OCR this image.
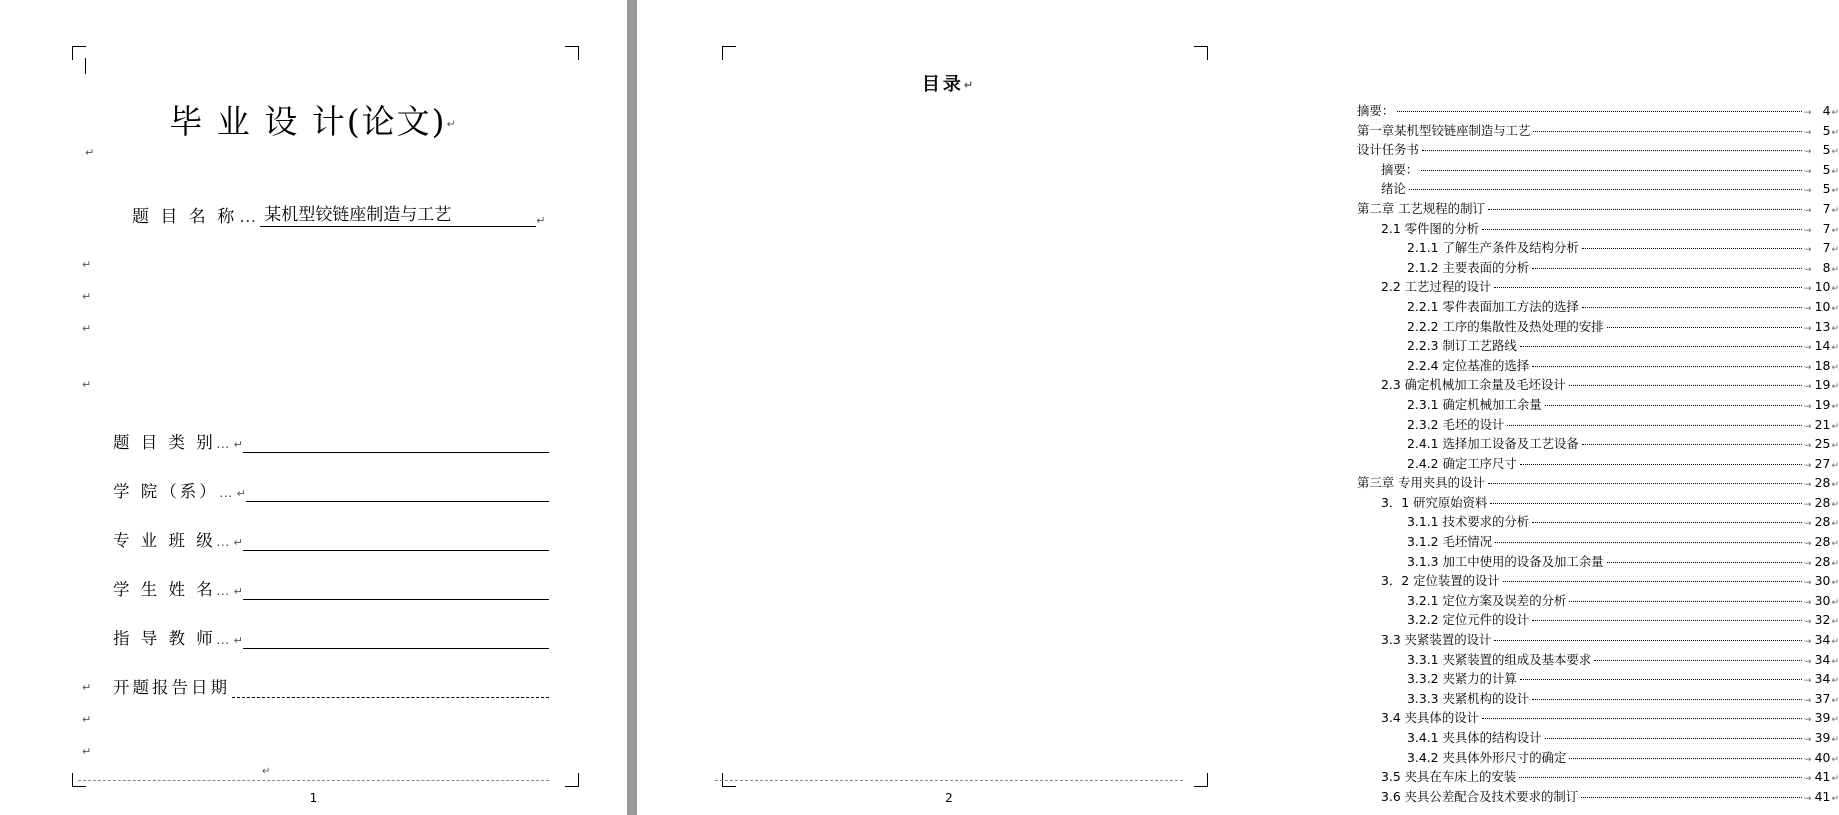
毕 业 设 计(论文)↵
↵
题 目 名 称 … 某机型铰链座制造与工艺	↵
↵
↵
↵
↵
题 目 类 别 … ↵
学 院（系） … ↵
专 业 班 级 … ↵
学 生 姓 名 … ↵
指 导 教 师 … ↵
开题报告日期
↵
↵
↵
↵
1
目录↵
摘要：	→ 4 ↵
第一章某机型铰链座制造与工艺	→ 5 ↵
设计任务书	→ 5 ↵
摘要：	→ 5 ↵
绪论	→ 5 ↵
第二章 工艺规程的制订	→ 7 ↵
2.1 零件图的分析	→ 7 ↵
2.1.1 了解生产条件及结构分析	→ 7 ↵
2.1.2 主要表面的分析	→ 8 ↵
2.2 工艺过程的设计	→ 10 ↵
2.2.1 零件表面加工方法的选择	→ 10 ↵
2.2.2 工序的集散性及热处理的安排	→ 13 ↵
2.2.3 制订工艺路线	→ 14 ↵
2.2.4 定位基准的选择	→ 18 ↵
2.3 确定机械加工余量及毛坯设计	→ 19 ↵
2.3.1 确定机械加工余量	→ 19 ↵
2.3.2 毛坯的设计	→ 21 ↵
2.4.1 选择加工设备及工艺设备	→ 25 ↵
2.4.2 确定工序尺寸	→ 27 ↵
第三章 专用夹具的设计	→ 28 ↵
3．1 研究原始资料	→ 28 ↵
3.1.1 技术要求的分析	→ 28 ↵
3.1.2 毛坯情况	→ 28 ↵
3.1.3 加工中使用的设备及加工余量	→ 28 ↵
3．2 定位装置的设计	→ 30 ↵
3.2.1 定位方案及误差的分析	→ 30 ↵
3.2.2 定位元件的设计	→ 32 ↵
3.3 夹紧装置的设计	→ 34 ↵
3.3.1 夹紧装置的组成及基本要求	→ 34 ↵
3.3.2 夹紧力的计算	→ 34 ↵
3.3.3 夹紧机构的设计	→ 37 ↵
3.4 夹具体的设计	→ 39 ↵
3.4.1 夹具体的结构设计	→ 39 ↵
3.4.2 夹具体外形尺寸的确定	→ 40 ↵
3.5 夹具在车床上的安装	→ 41 ↵
3.6 夹具公差配合及技术要求的制订	→ 41 ↵
2
